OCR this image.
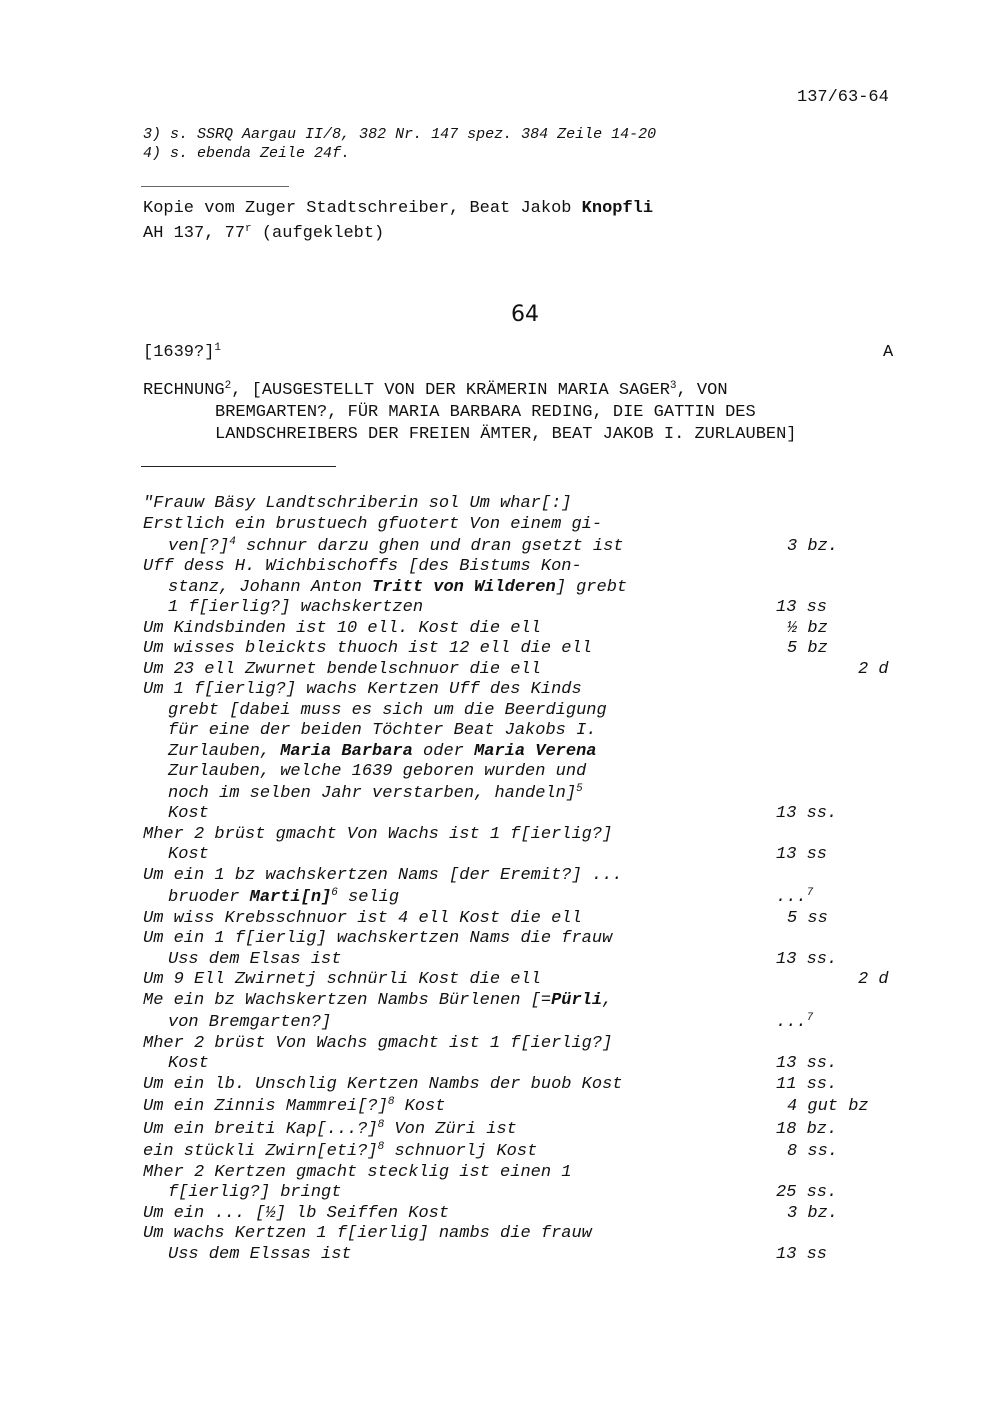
137/63-64
3) s. SSRQ Aargau II/8, 382 Nr. 147 spez. 384 Zeile 14-20
4) s. ebenda Zeile 24f.
Kopie vom Zuger Stadtschreiber, Beat Jakob Knopfli
AH 137, 77$^r$ (aufgeklebt)
64
[1639?]$^1$	A
RECHNUNG$^2$, [AUSGESTELLT VON DER KRÄMERIN MARIA SAGER$^3$, VON
BREMGARTEN?, FÜR MARIA BARBARA REDING, DIE GATTIN DES
LANDSCHREIBERS DER FREIEN ÄMTER, BEAT JAKOB I. ZURLAUBEN]
"Frauw Bäsy Landtschriberin sol Um whar[:]
Erstlich ein brustuech gfuotert Von einem gi-
ven[?]$^4$ schnur darzu ghen und dran gsetzt ist	3 bz.
Uff dess H. Wichbischoffs [des Bistums Kon-
stanz, Johann Anton Tritt von Wilderen] grebt
1 f[ierlig?] wachskertzen	13 ss
Um Kindsbinden ist 10 ell. Kost die ell	½ bz
Um wisses bleickts thuoch ist 12 ell die ell	5 bz
Um 23 ell Zwurnet bendelschnuor die ell	2 d
Um 1 f[ierlig?] wachs Kertzen Uff des Kinds
grebt [dabei muss es sich um die Beerdigung
für eine der beiden Töchter Beat Jakobs I.
Zurlauben, Maria Barbara oder Maria Verena
Zurlauben, welche 1639 geboren wurden und
noch im selben Jahr verstarben, handeln]$^5$
Kost	13 ss.
Mher 2 brüst gmacht Von Wachs ist 1 f[ierlig?]
Kost	13 ss
Um ein 1 bz wachskertzen Nams [der Eremit?] ...
bruoder $Marti[n]^6$ selig	...$^7$
Um wiss Krebsschnuor ist 4 ell Kost die ell	5 ss
Um ein 1 f[ierlig] wachskertzen Nams die frauw
Uss dem Elsas ist	13 ss.
Um 9 Ell Zwirnetj schnürli Kost die ell	2 d
Me ein bz Wachskertzen Nambs Bürlenen [=Pürli,
von Bremgarten?]	...$^7$
Mher 2 brüst Von Wachs gmacht ist 1 f[ierlig?]
Kost	13 ss.
Um ein lb. Unschlig Kertzen Nambs der buob Kost	11 ss.
Um ein Zinnis Mammrei[?]$^8$ Kost	4 gut bz
Um ein breiti Kap[...?]$^8$ Von Züri ist	18 bz.
ein stückli Zwirn[eti?]$^8$ schnuorlj Kost	8 ss.
Mher 2 Kertzen gmacht stecklig ist einen 1
f[ierlig?] bringt	25 ss.
Um ein ... [½] lb Seiffen Kost	3 bz.
Um wachs Kertzen 1 f[ierlig] nambs die frauw
Uss dem Elssas ist	13 ss
